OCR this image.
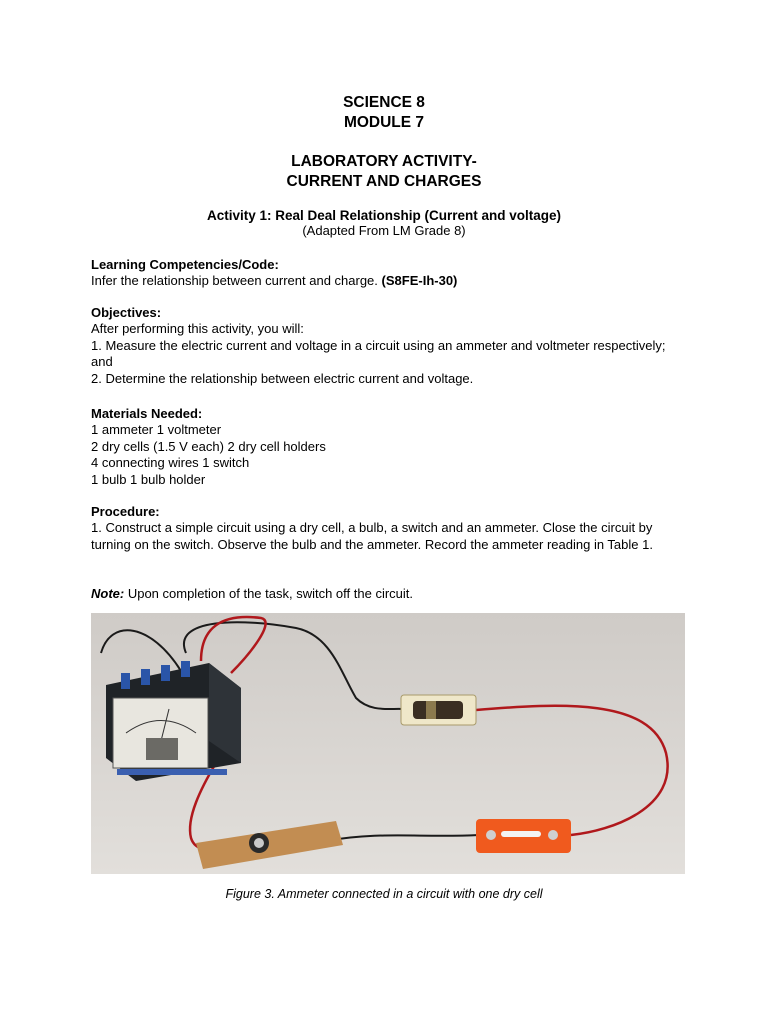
SCIENCE 8
MODULE 7
LABORATORY ACTIVITY-
CURRENT AND CHARGES
Activity 1: Real Deal Relationship (Current and voltage)
(Adapted From LM Grade 8)

Learning Competencies/Code:

Infer the relationship between current and charge. (S8FE-Ih-30)

Objectives:

After performing this activity, you will:

1. Measure the electric current and voltage in a circuit using an ammeter and voltmeter respectively; and

2. Determine the relationship between electric current and voltage.

Materials Needed:

1 ammeter 1 voltmeter

2 dry cells (1.5 V each) 2 dry cell holders

4 connecting wires 1 switch

1 bulb 1 bulb holder

Procedure:

1. Construct a simple circuit using a dry cell, a bulb, a switch and an ammeter. Close the circuit by turning on the switch. Observe the bulb and the ammeter. Record the ammeter reading in Table 1.

Note: Upon completion of the task, switch off the circuit.

Figure 3. Ammeter connected in a circuit with one dry cell
